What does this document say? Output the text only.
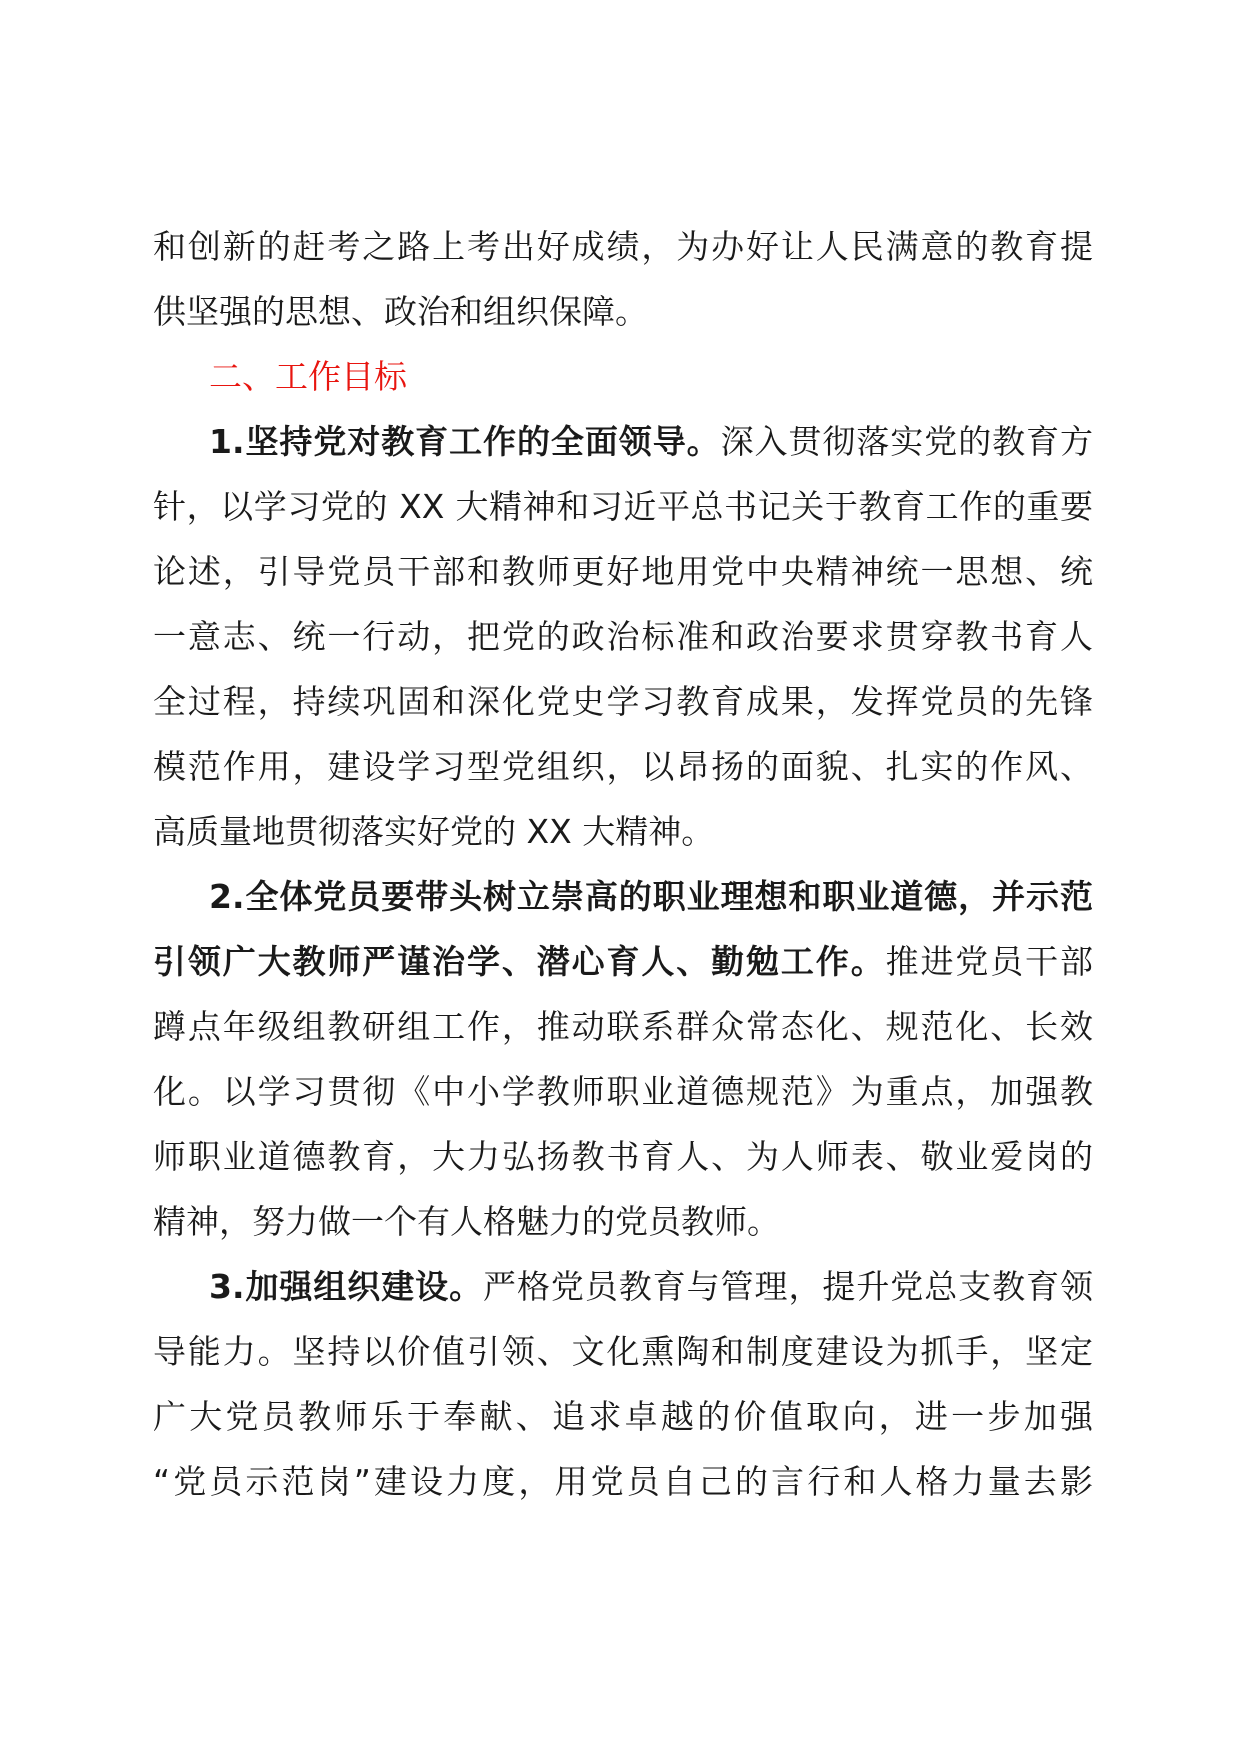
和创新的赶考之路上考出好成绩，为办好让人民满意的教育提
供坚强的思想、政治和组织保障。
二、工作目标
1.坚持党对教育工作的全面领导。深入贯彻落实党的教育方
针，以学习党的 XX 大精神和习近平总书记关于教育工作的重要
论述，引导党员干部和教师更好地用党中央精神统一思想、统
一意志、统一行动，把党的政治标准和政治要求贯穿教书育人
全过程，持续巩固和深化党史学习教育成果，发挥党员的先锋
模范作用，建设学习型党组织，以昂扬的面貌、扎实的作风、
高质量地贯彻落实好党的 XX 大精神。
2.全体党员要带头树立崇高的职业理想和职业道德，并示范
引领广大教师严谨治学、潜心育人、勤勉工作。推进党员干部
蹲点年级组教研组工作，推动联系群众常态化、规范化、长效
化。以学习贯彻《中小学教师职业道德规范》为重点，加强教
师职业道德教育，大力弘扬教书育人、为人师表、敬业爱岗的
精神，努力做一个有人格魅力的党员教师。
3.加强组织建设。严格党员教育与管理，提升党总支教育领
导能力。坚持以价值引领、文化熏陶和制度建设为抓手，坚定
广大党员教师乐于奉献、追求卓越的价值取向，进一步加强
“党员示范岗”建设力度，用党员自己的言行和人格力量去影
